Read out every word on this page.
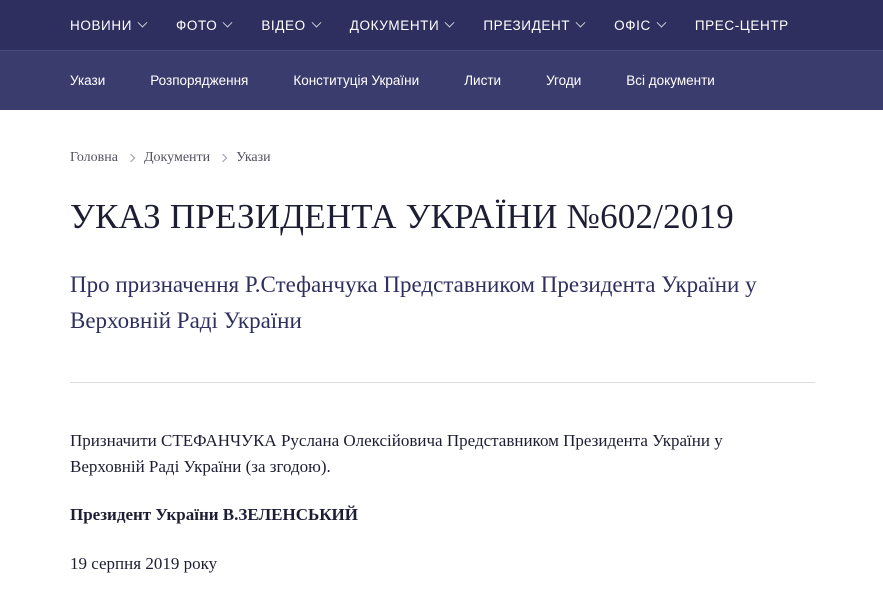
НОВИНИ	ФОТО	ВІДЕО	ДОКУМЕНТИ	ПРЕЗИДЕНТ	ОФІС	ПРЕС-ЦЕНТР
Укази	Розпорядження	Конституція України	Листи	Угоди	Всі документи
Головна Документи Укази
УКАЗ ПРЕЗИДЕНТА УКРАЇНИ №602/2019
Про призначення Р.Стефанчука Представником Президента України у Верховній Раді України

Призначити СТЕФАНЧУКА Руслана Олексійовича Представником Президента України у Верховній Раді України (за згодою).

Президент України В.ЗЕЛЕНСЬКИЙ

19 серпня 2019 року
